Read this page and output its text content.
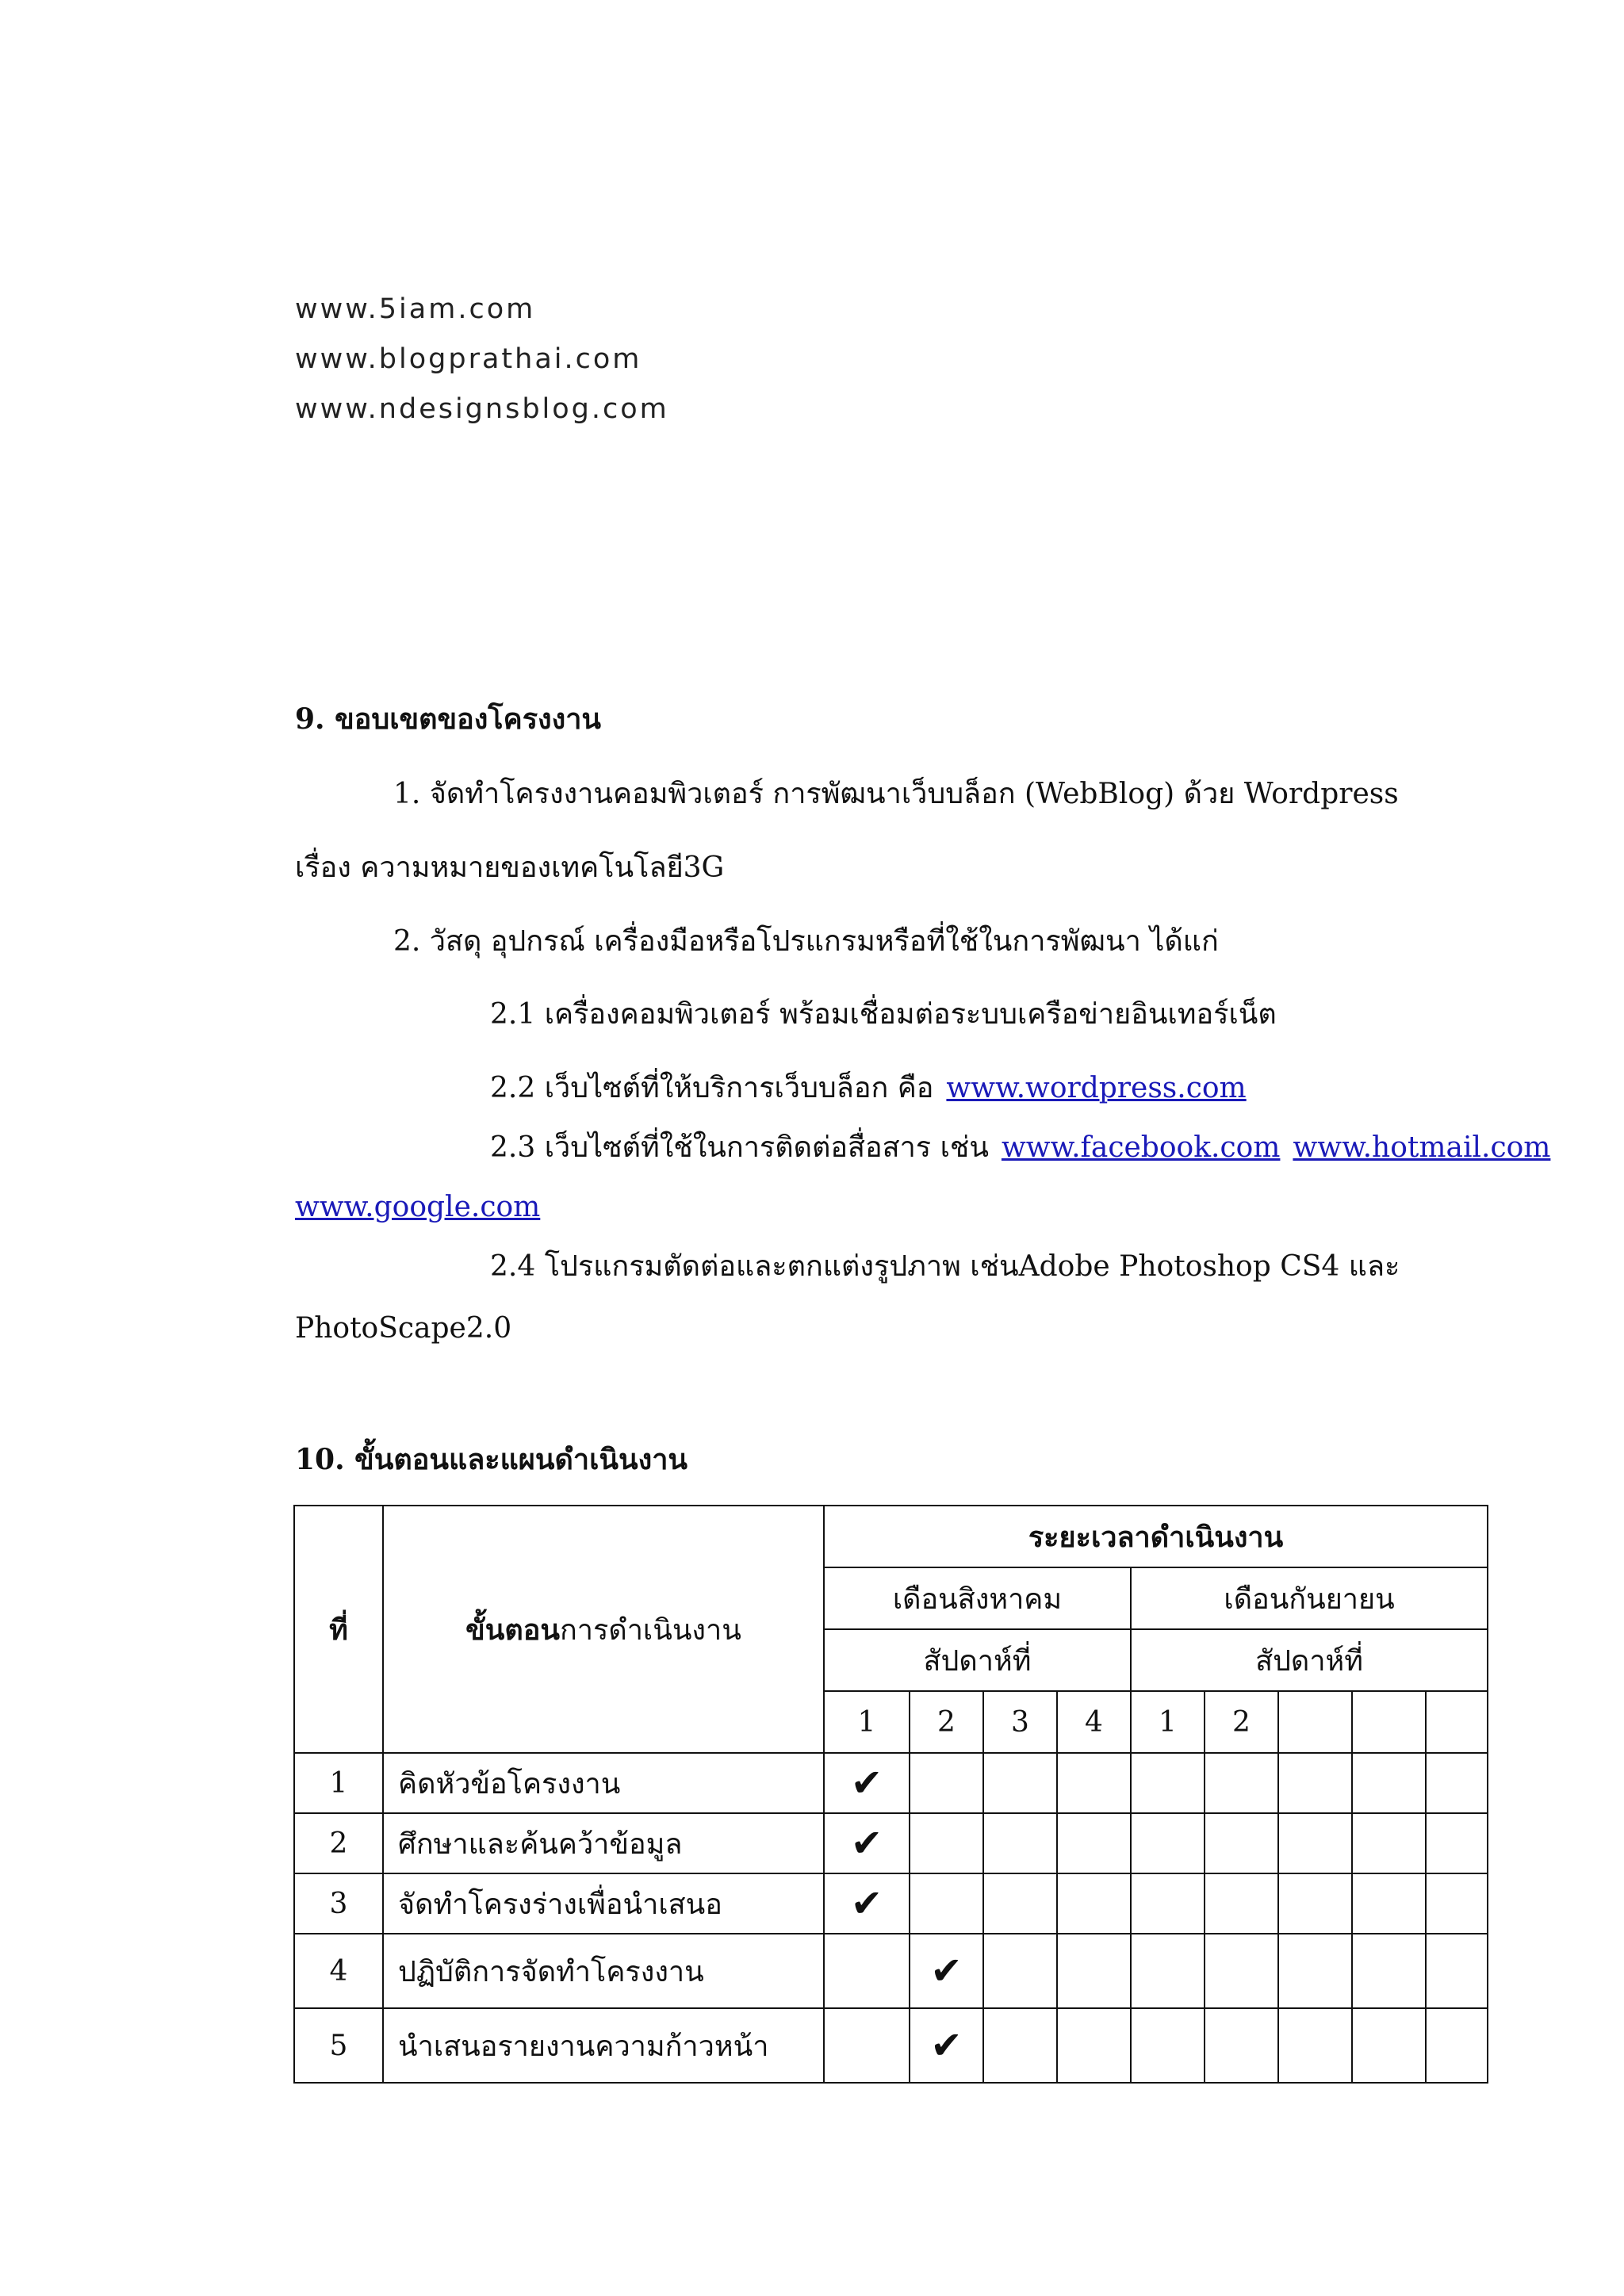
www.5iam.com
www.blogprathai.com
www.ndesignsblog.com
9. ขอบเขตของโครงงาน
1. จัดทำโครงงานคอมพิวเตอร์ การพัฒนาเว็บบล็อก (WebBlog) ด้วย Wordpress
เรื่อง ความหมายของเทคโนโลยี3G
2. วัสดุ อุปกรณ์ เครื่องมือหรือโปรแกรมหรือที่ใช้ในการพัฒนา ได้แก่
2.1 เครื่องคอมพิวเตอร์ พร้อมเชื่อมต่อระบบเครือข่ายอินเทอร์เน็ต
2.2 เว็บไซต์ที่ให้บริการเว็บบล็อก คือ www.wordpress.com
2.3 เว็บไซต์ที่ใช้ในการติดต่อสื่อสาร เช่น www.facebook.com www.hotmail.com
www.google.com
2.4 โปรแกรมตัดต่อและตกแต่งรูปภาพ เช่นAdobe Photoshop CS4 และ
PhotoScape2.0
10. ขั้นตอนและแผนดำเนินงาน
ที่	ขั้นตอนการดำเนินงาน	ระยะเวลาดำเนินงาน								
		เดือนสิงหาคม				เดือนกันยายน				
		สัปดาห์ที่				สัปดาห์ที่				
		1	2	3	4	1	2			
1	คิดหัวข้อโครงงาน	✔								
2	ศึกษาและค้นคว้าข้อมูล	✔								
3	จัดทำโครงร่างเพื่อนำเสนอ	✔								
4	ปฏิบัติการจัดทำโครงงาน		✔							
5	นำเสนอรายงานความก้าวหน้า		✔							
